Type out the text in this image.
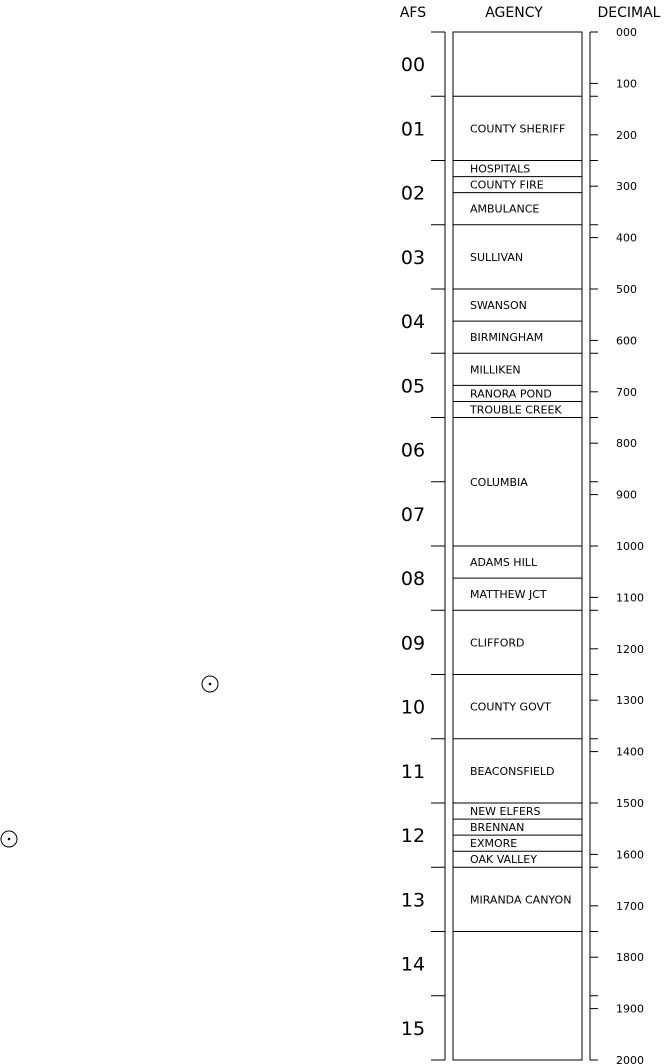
AFS	AGENCY	DECIMAL
00
01
02
03
04
05
06
07
08
09
10
11
12
13
14
15
COUNTY SHERIFF
HOSPITALS
COUNTY FIRE
AMBULANCE
SULLIVAN
SWANSON
BIRMINGHAM
MILLIKEN
RANORA POND
TROUBLE CREEK
COLUMBIA
ADAMS HILL
MATTHEW JCT
CLIFFORD
COUNTY GOVT
BEACONSFIELD
NEW ELFERS
BRENNAN
EXMORE
OAK VALLEY
MIRANDA CANYON
000
100
200
300
400
500
600
700
800
900
1000
1100
1200
1300
1400
1500
1600
1700
1800
1900
2000
